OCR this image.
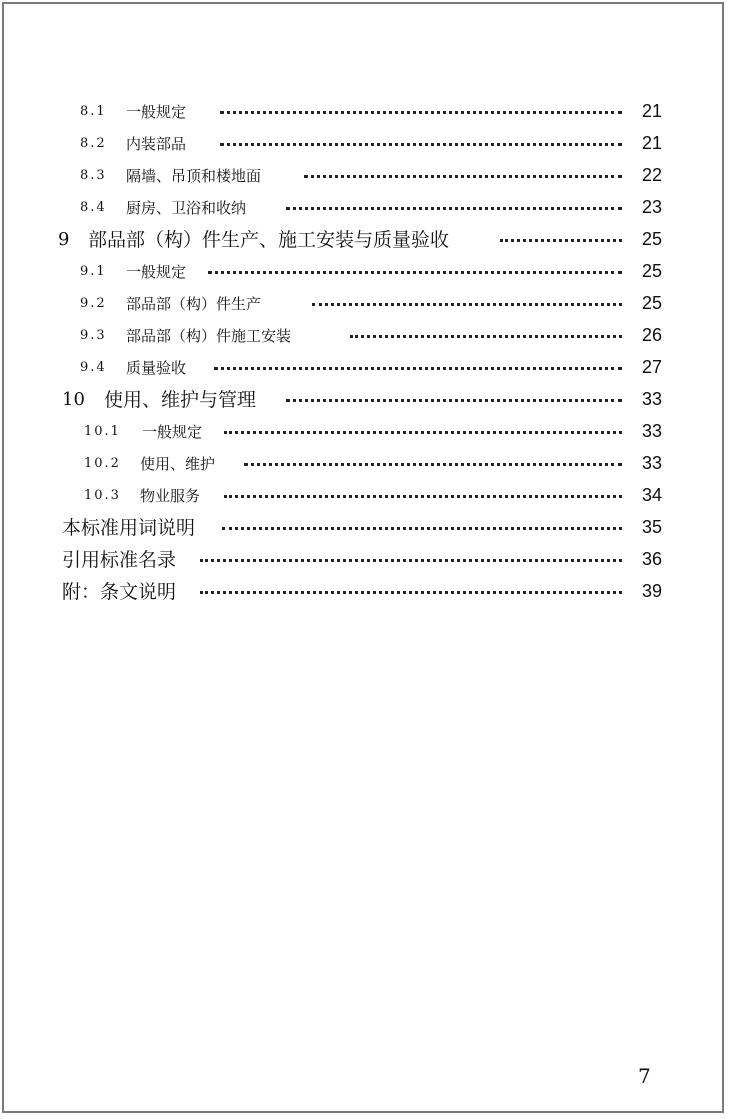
8.1 一般规定	21
8.2 内装部品	21
8.3 隔墙、吊顶和楼地面	22
8.4 厨房、卫浴和收纳	23
9 部品部（构）件生产、施工安装与质量验收	25
9.1 一般规定	25
9.2 部品部（构）件生产	25
9.3 部品部（构）件施工安装	26
9.4 质量验收	27
10 使用、维护与管理	33
10.1 一般规定	33
10.2 使用、维护	33
10.3 物业服务	34
本标准用词说明	35
引用标准名录	36
附：条文说明	39
7
